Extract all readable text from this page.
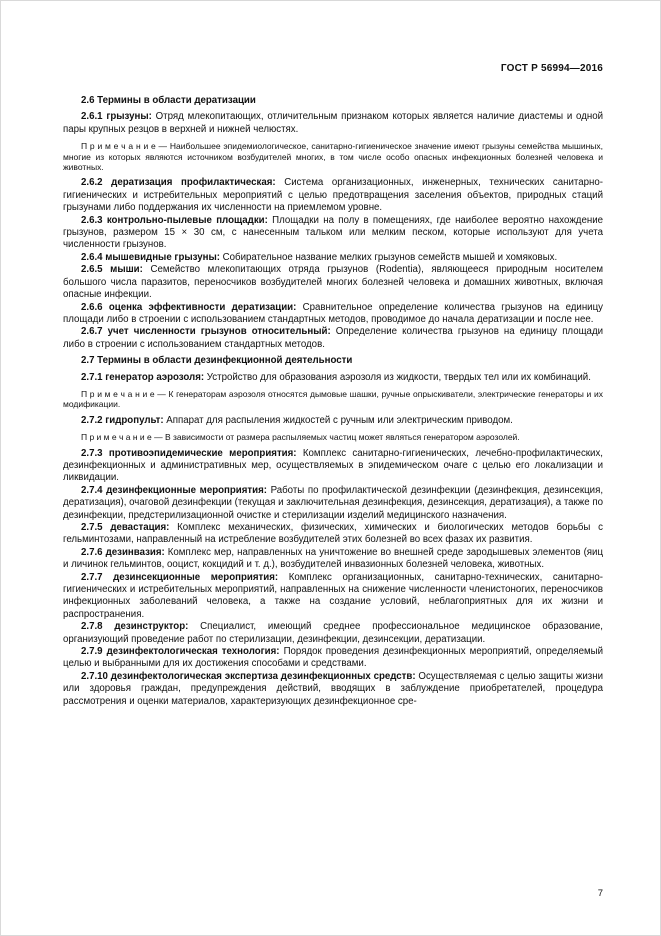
ГОСТ Р 56994—2016

2.6 Термины в области дератизации

2.6.1 грызуны: Отряд млекопитающих, отличительным признаком которых является наличие диастемы и одной пары крупных резцов в верхней и нижней челюстях.

П р и м е ч а н и е — Наибольшее эпидемиологическое, санитарно-гигиеническое значение имеют грызуны семейства мышиных, многие из которых являются источником возбудителей многих, в том числе особо опасных инфекционных болезней человека и животных.

2.6.2 дератизация профилактическая: Система организационных, инженерных, технических санитарно-гигиенических и истребительных мероприятий с целью предотвращения заселения объектов, природных стаций грызунами либо поддержания их численности на приемлемом уровне.

2.6.3 контрольно-пылевые площадки: Площадки на полу в помещениях, где наиболее вероятно нахождение грызунов, размером 15 × 30 см, с нанесенным тальком или мелким песком, которые используют для учета численности грызунов.

2.6.4 мышевидные грызуны: Собирательное название мелких грызунов семейств мышей и хомяковых.

2.6.5 мыши: Семейство млекопитающих отряда грызунов (Rodentia), являющееся природным носителем большого числа паразитов, переносчиков возбудителей многих болезней человека и домашних животных, включая опасные инфекции.

2.6.6 оценка эффективности дератизации: Сравнительное определение количества грызунов на единицу площади либо в строении с использованием стандартных методов, проводимое до начала дератизации и после нее.

2.6.7 учет численности грызунов относительный: Определение количества грызунов на единицу площади либо в строении с использованием стандартных методов.

2.7 Термины в области дезинфекционной деятельности

2.7.1 генератор аэрозоля: Устройство для образования аэрозоля из жидкости, твердых тел или их комбинаций.

П р и м е ч а н и е — К генераторам аэрозоля относятся дымовые шашки, ручные опрыскиватели, электрические генераторы и их модификации.

2.7.2 гидропульт: Аппарат для распыления жидкостей с ручным или электрическим приводом.

П р и м е ч а н и е — В зависимости от размера распыляемых частиц может являться генератором аэрозолей.

2.7.3 противоэпидемические мероприятия: Комплекс санитарно-гигиенических, лечебно-профилактических, дезинфекционных и административных мер, осуществляемых в эпидемическом очаге с целью его локализации и ликвидации.

2.7.4 дезинфекционные мероприятия: Работы по профилактической дезинфекции (дезинфекция, дезинсекция, дератизация), очаговой дезинфекции (текущая и заключительная дезинфекция, дезинсекция, дератизация), а также по дезинфекции, предстерилизационной очистке и стерилизации изделий медицинского назначения.

2.7.5 девастация: Комплекс механических, физических, химических и биологических методов борьбы с гельминтозами, направленный на истребление возбудителей этих болезней во всех фазах их развития.

2.7.6 дезинвазия: Комплекс мер, направленных на уничтожение во внешней среде зародышевых элементов (яиц и личинок гельминтов, ооцист, кокцидий и т. д.), возбудителей инвазионных болезней человека, животных.

2.7.7 дезинсекционные мероприятия: Комплекс организационных, санитарно-технических, санитарно-гигиенических и истребительных мероприятий, направленных на снижение численности членистоногих, переносчиков инфекционных заболеваний человека, а также на создание условий, неблагоприятных для их жизни и распространения.

2.7.8 дезинструктор: Специалист, имеющий среднее профессиональное медицинское образование, организующий проведение работ по стерилизации, дезинфекции, дезинсекции, дератизации.

2.7.9 дезинфектологическая технология: Порядок проведения дезинфекционных мероприятий, определяемый целью и выбранными для их достижения способами и средствами.

2.7.10 дезинфектологическая экспертиза дезинфекционных средств: Осуществляемая с целью защиты жизни или здоровья граждан, предупреждения действий, вводящих в заблуждение приобретателей, процедура рассмотрения и оценки материалов, характеризующих дезинфекционное сре-

7
